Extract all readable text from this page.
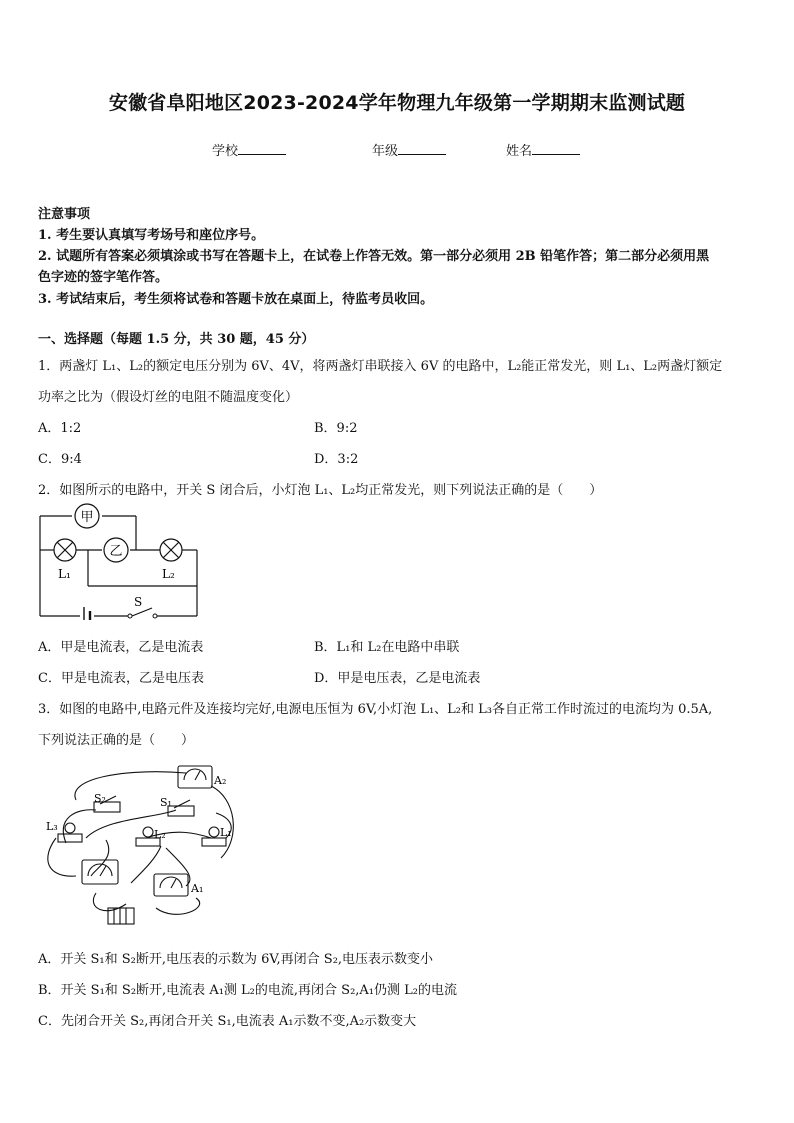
安徽省阜阳地区2023-2024学年物理九年级第一学期期末监测试题
学校	年级	姓名
注意事项
1. 考生要认真填写考场号和座位序号。
2. 试题所有答案必须填涂或书写在答题卡上，在试卷上作答无效。第一部分必须用 2B 铅笔作答；第二部分必须用黑
色字迹的签字笔作答。
3. 考试结束后，考生须将试卷和答题卡放在桌面上，待监考员收回。
一、选择题（每题 1.5 分，共 30 题，45 分）
1．两盏灯 L₁、L₂的额定电压分别为 6V、4V，将两盏灯串联接入 6V 的电路中，L₂能正常发光，则 L₁、L₂两盏灯额定
功率之比为（假设灯丝的电阻不随温度变化）
A．1:2	B．9:2
C．9:4	D．3:2
2．如图所示的电路中，开关 S 闭合后，小灯泡 L₁、L₂均正常发光，则下列说法正确的是（　　）
甲
乙
L₁	L₂
S
A．甲是电流表，乙是电流表	B．L₁和 L₂在电路中串联
C．甲是电流表，乙是电压表	D．甲是电压表，乙是电流表
3．如图的电路中,电路元件及连接均完好,电源电压恒为 6V,小灯泡 L₁、L₂和 L₃各自正常工作时流过的电流均为 0.5A,
下列说法正确的是（　　）
A₂
A₁
S₂	S₁
L₃
L₂	L₁
A．开关 S₁和 S₂断开,电压表的示数为 6V,再闭合 S₂,电压表示数变小
B．开关 S₁和 S₂断开,电流表 A₁测 L₂的电流,再闭合 S₂,A₁仍测 L₂的电流
C．先闭合开关 S₂,再闭合开关 S₁,电流表 A₁示数不变,A₂示数变大
